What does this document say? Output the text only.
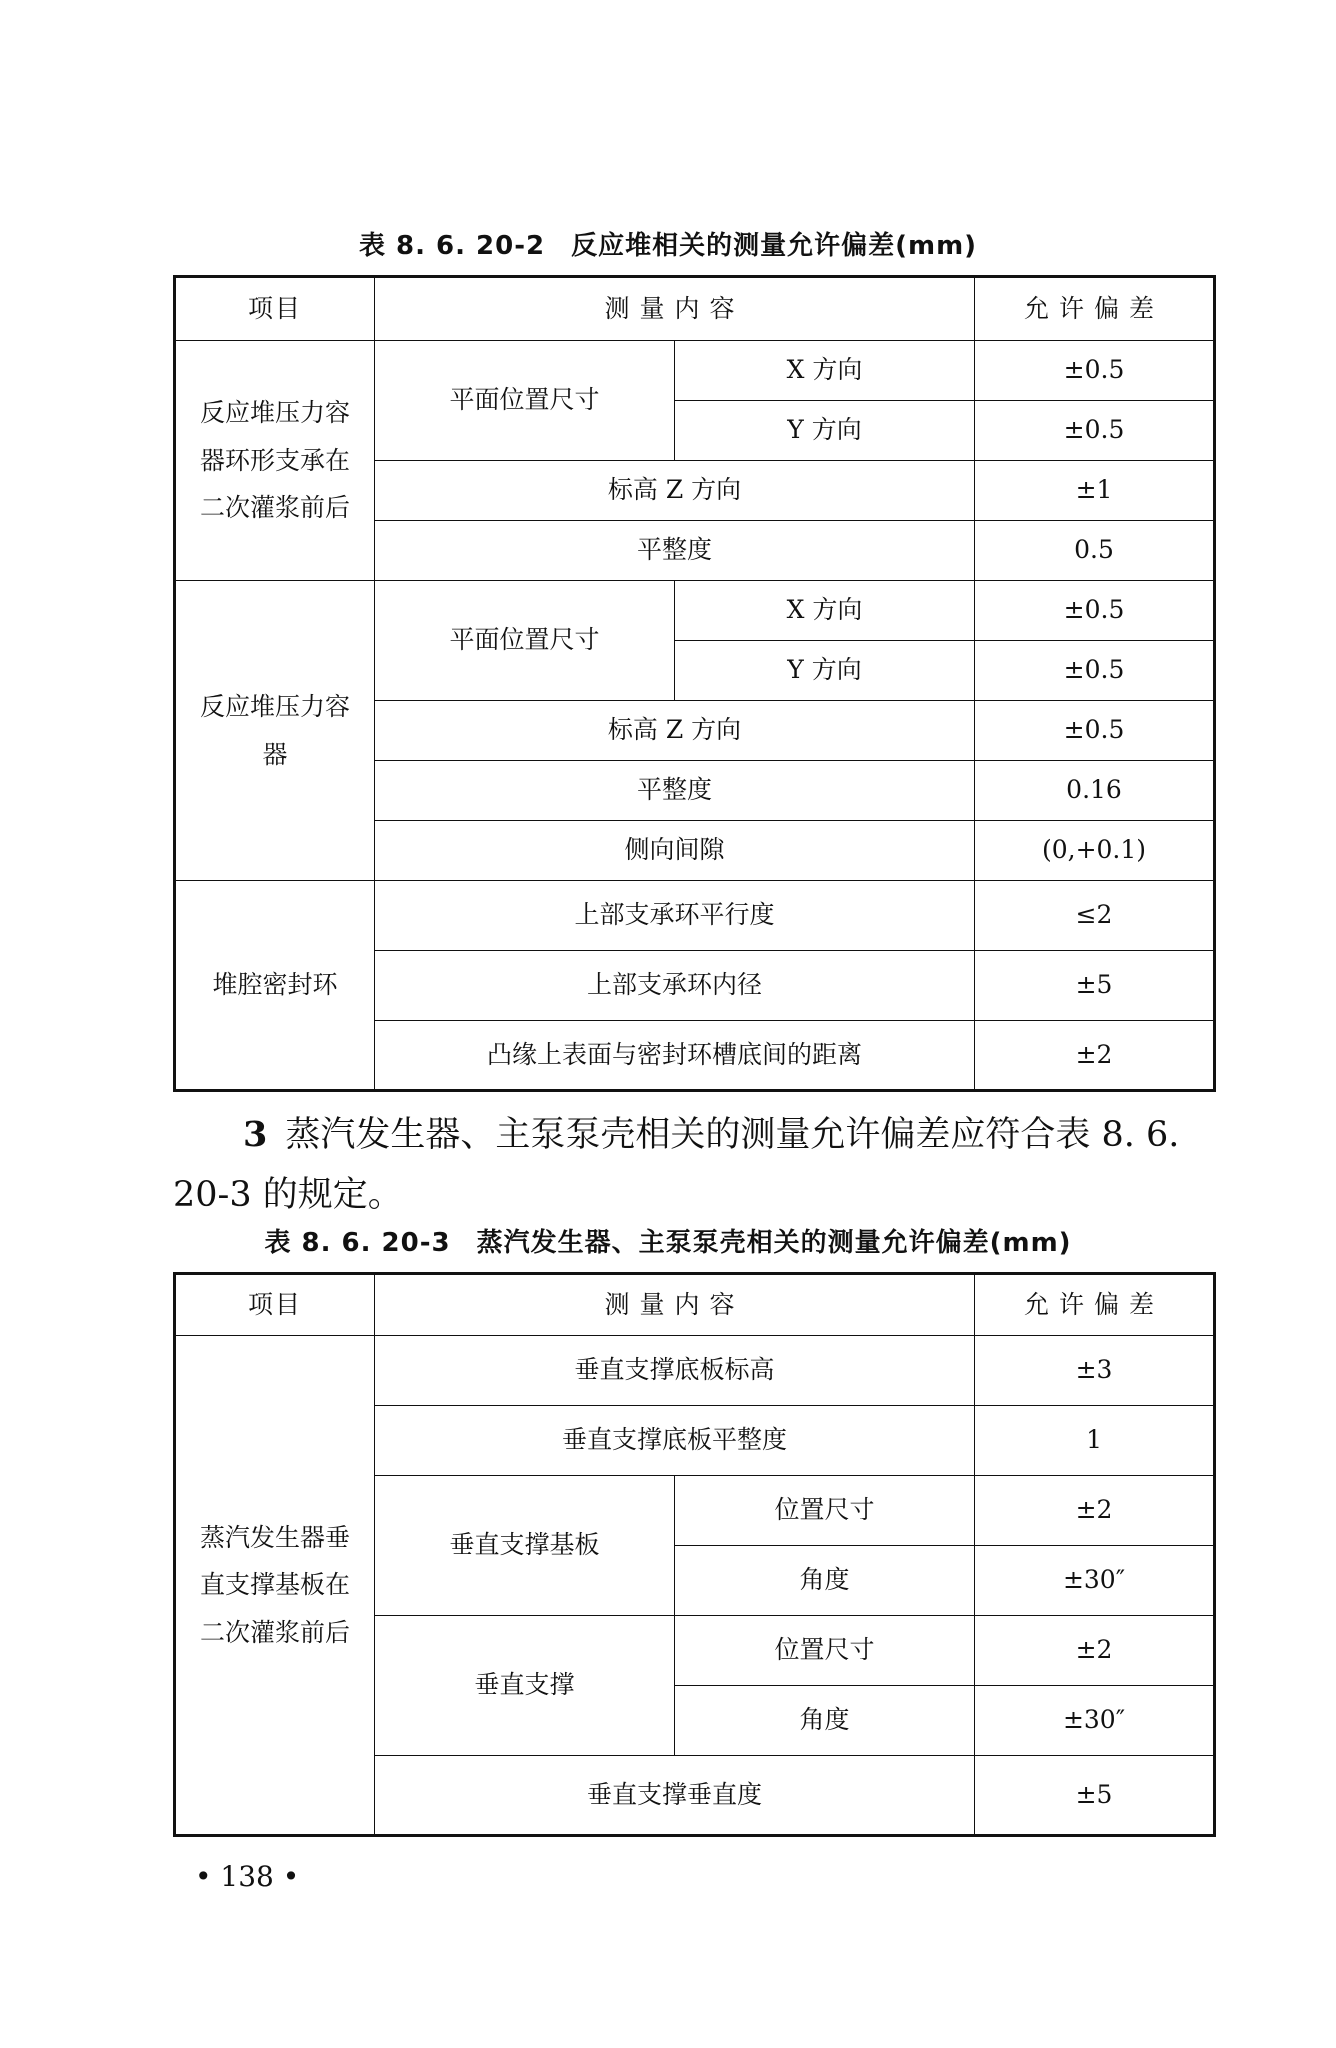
表 8. 6. 20-2 反应堆相关的测量允许偏差(mm)
项目	测量内容		允许偏差
反应堆压力容器环形支承在二次灌浆前后	平面位置尺寸	X 方向	±0.5
		Y 方向	±0.5
	标高 Z 方向		±1
	平整度		0.5
反应堆压力容器	平面位置尺寸	X 方向	±0.5
		Y 方向	±0.5
	标高 Z 方向		±0.5
	平整度		0.16
	侧向间隙		(0,+0.1)
堆腔密封环	上部支承环平行度		≤2
	上部支承环内径		±5
	凸缘上表面与密封环槽底间的距离		±2
3 蒸汽发生器、主泵泵壳相关的测量允许偏差应符合表 8. 6. 20-3 的规定。
表 8. 6. 20-3 蒸汽发生器、主泵泵壳相关的测量允许偏差(mm)
项目	测量内容		允许偏差
蒸汽发生器垂直支撑基板在二次灌浆前后	垂直支撑底板标高		±3
	垂直支撑底板平整度		1
	垂直支撑基板	位置尺寸	±2
		角度	±30″
	垂直支撑	位置尺寸	±2
		角度	±30″
	垂直支撑垂直度		±5
• 138 •
